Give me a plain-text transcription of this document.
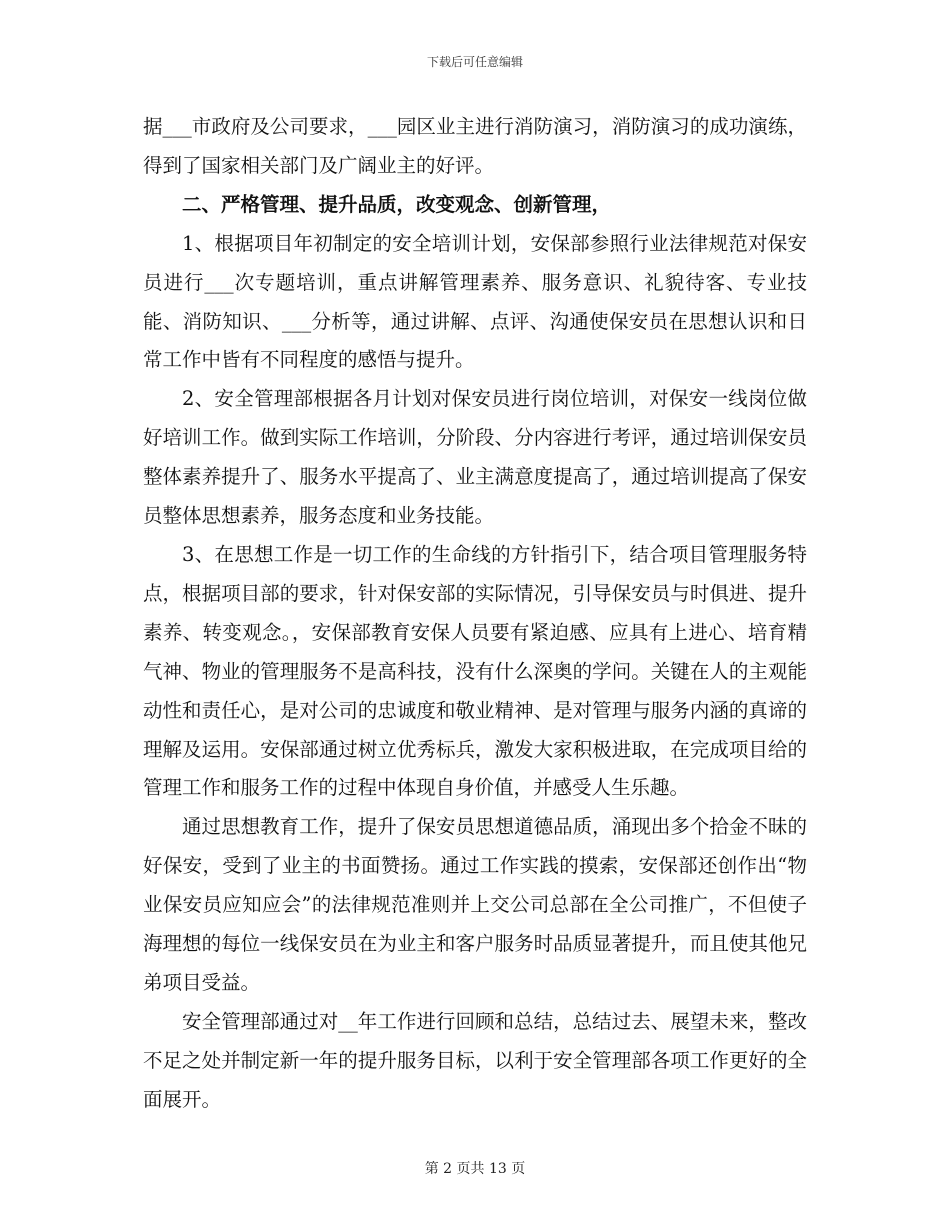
下载后可任意编辑

据___市政府及公司要求，___园区业主进行消防演习，消防演习的成功演练，得到了国家相关部门及广阔业主的好评。

二、严格管理、提升品质，改变观念、创新管理，

1、根据项目年初制定的安全培训计划，安保部参照行业法律规范对保安员进行___次专题培训，重点讲解管理素养、服务意识、礼貌待客、专业技能、消防知识、___分析等，通过讲解、点评、沟通使保安员在思想认识和日常工作中皆有不同程度的感悟与提升。

2、安全管理部根据各月计划对保安员进行岗位培训，对保安一线岗位做好培训工作。做到实际工作培训，分阶段、分内容进行考评，通过培训保安员整体素养提升了、服务水平提高了、业主满意度提高了，通过培训提高了保安员整体思想素养，服务态度和业务技能。

3、在思想工作是一切工作的生命线的方针指引下，结合项目管理服务特点，根据项目部的要求，针对保安部的实际情况，引导保安员与时俱进、提升素养、转变观念。，安保部教育安保人员要有紧迫感、应具有上进心、培育精气神、物业的管理服务不是高科技，没有什么深奥的学问。关键在人的主观能动性和责任心，是对公司的忠诚度和敬业精神、是对管理与服务内涵的真谛的理解及运用。安保部通过树立优秀标兵，激发大家积极进取，在完成项目给的管理工作和服务工作的过程中体现自身价值，并感受人生乐趣。

通过思想教育工作，提升了保安员思想道德品质，涌现出多个拾金不昧的好保安，受到了业主的书面赞扬。通过工作实践的摸索，安保部还创作出“物业保安员应知应会”的法律规范准则并上交公司总部在全公司推广，不但使子海理想的每位一线保安员在为业主和客户服务时品质显著提升，而且使其他兄弟项目受益。

安全管理部通过对__年工作进行回顾和总结，总结过去、展望未来，整改不足之处并制定新一年的提升服务目标，以利于安全管理部各项工作更好的全面展开。

第 2 页共 13 页
